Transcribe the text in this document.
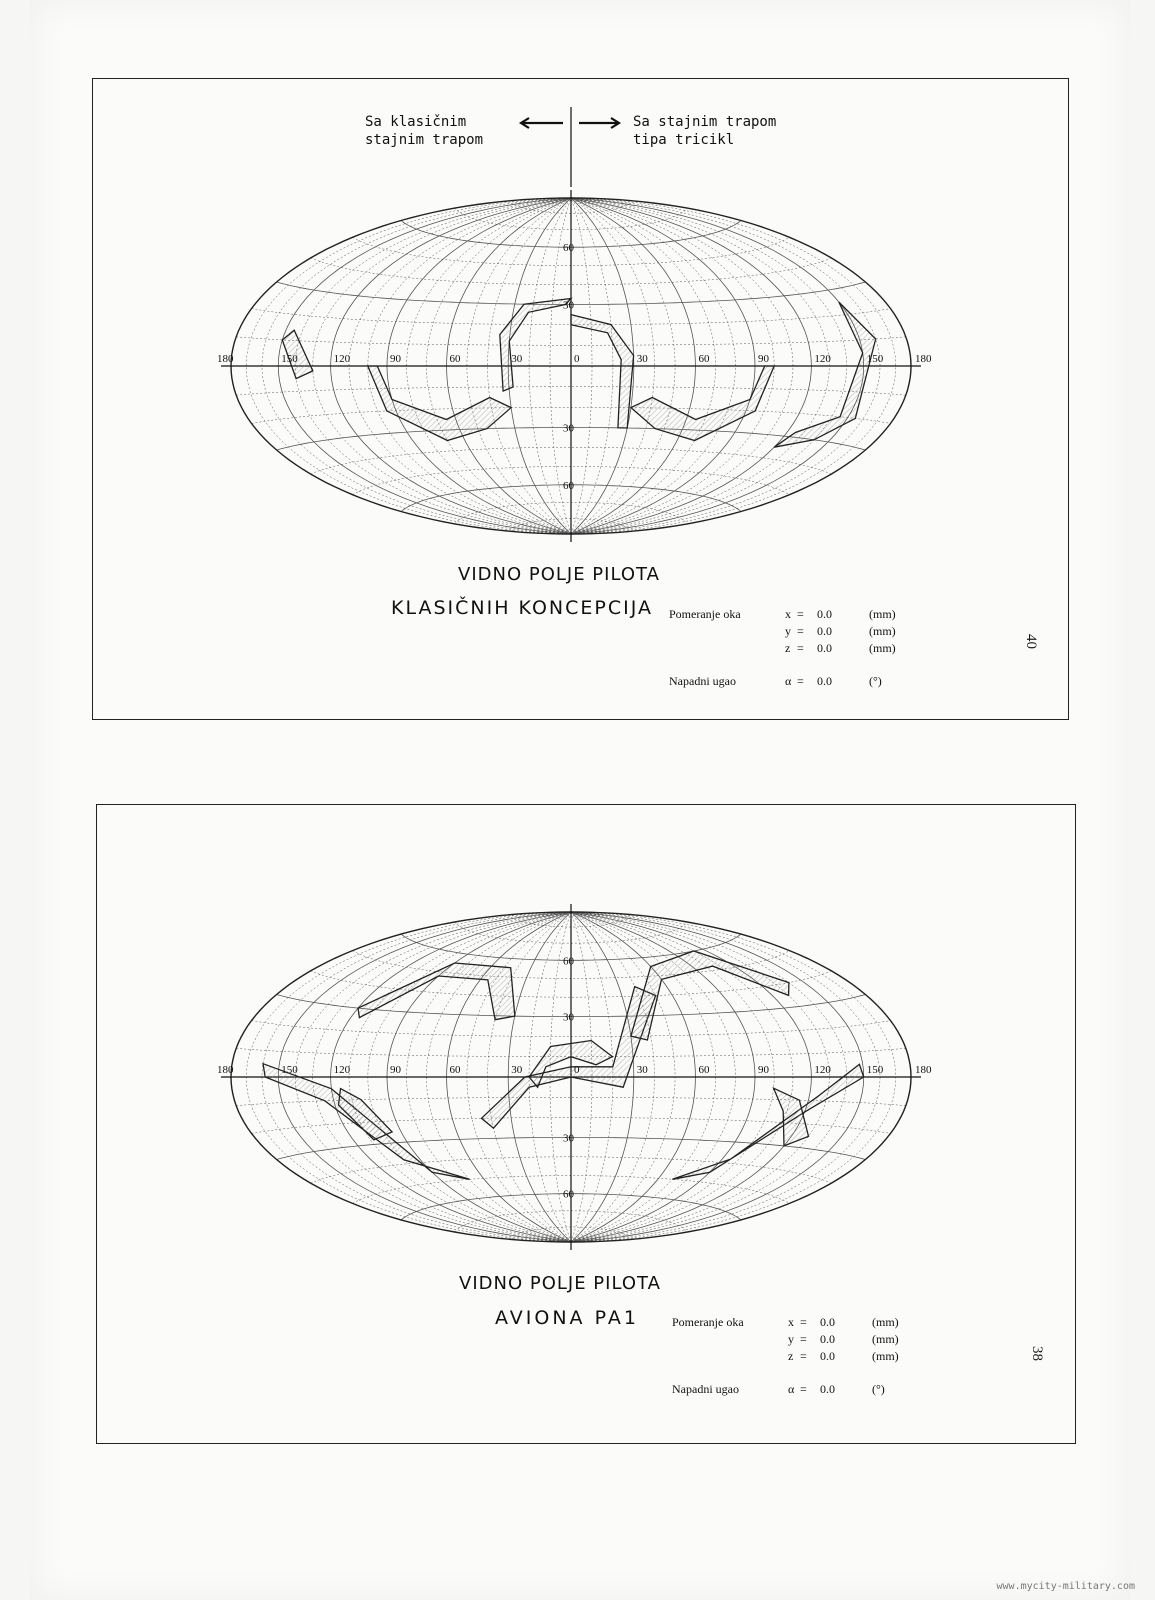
Sa klasičnim
stajnim trapom
Sa stajnim trapom
tipa tricikl
180	150	120	90	60	30	0	30	60	90	120	150	180
60
30
30
60
VIDNO POLJE PILOTA
KLASIČNIH KONCEPCIJA Pomeranje oka	x = 0.0	(mm)
y = 0.0	(mm)
z = 0.0	(mm)
Napadni ugao	α = 0.0	(°)
40
180	150	120	90	60	30	0	30	60	90	120	150	180
60
30
30
60
VIDNO POLJE PILOTA
AVIONA PA1	Pomeranje oka	x = 0.0	(mm)
y = 0.0	(mm)
z = 0.0	(mm)
Napadni ugao	α = 0.0	(°)
38
www.mycity-military.com
